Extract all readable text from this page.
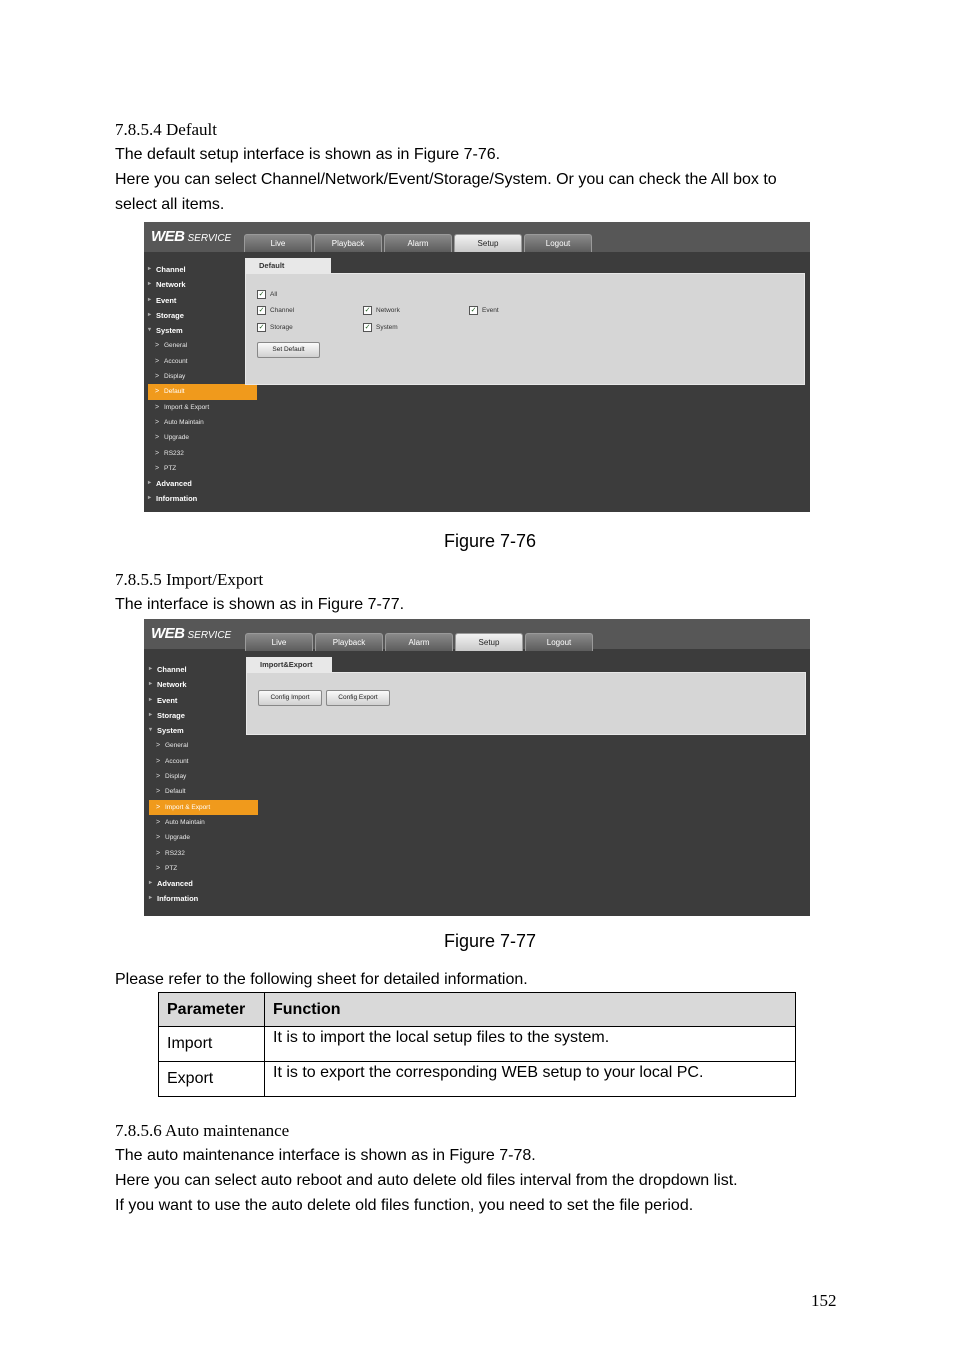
7.8.5.4 Default
The default setup interface is shown as in Figure 7-76.
Here you can select Channel/Network/Event/Storage/System. Or you can check the All box to
select all items.
WEB SERVICE	Live	Playback	Alarm	Setup	Logout
▸ Channel
▸ Network
▸ Event
▸ Storage
▾ System
> General
> Account
> Display
> Default
> Import & Export
> Auto Maintain
> Upgrade
> RS232
> PTZ
▸ Advanced
▸ Information
Default
✓ All
✓ Channel	✓ Network	✓ Event
✓ Storage	✓ System
Set Default
Figure 7-76
7.8.5.5 Import/Export
The interface is shown as in Figure 7-77.
WEB SERVICE
Live	Playback	Alarm	Setup	Logout
▸ Channel
▸ Network
▸ Event
▸ Storage
▾ System
> General
> Account
> Display
> Default
> Import & Export
> Auto Maintain
> Upgrade
> RS232
> PTZ
▸ Advanced
▸ Information
Import&Export
Config Import	Config Export
Figure 7-77
Please refer to the following sheet for detailed information.
Parameter	Function
Import	It is to import the local setup files to the system.
Export	It is to export the corresponding WEB setup to your local PC.
7.8.5.6 Auto maintenance
The auto maintenance interface is shown as in Figure 7-78.
Here you can select auto reboot and auto delete old files interval from the dropdown list.
If you want to use the auto delete old files function, you need to set the file period.
152
